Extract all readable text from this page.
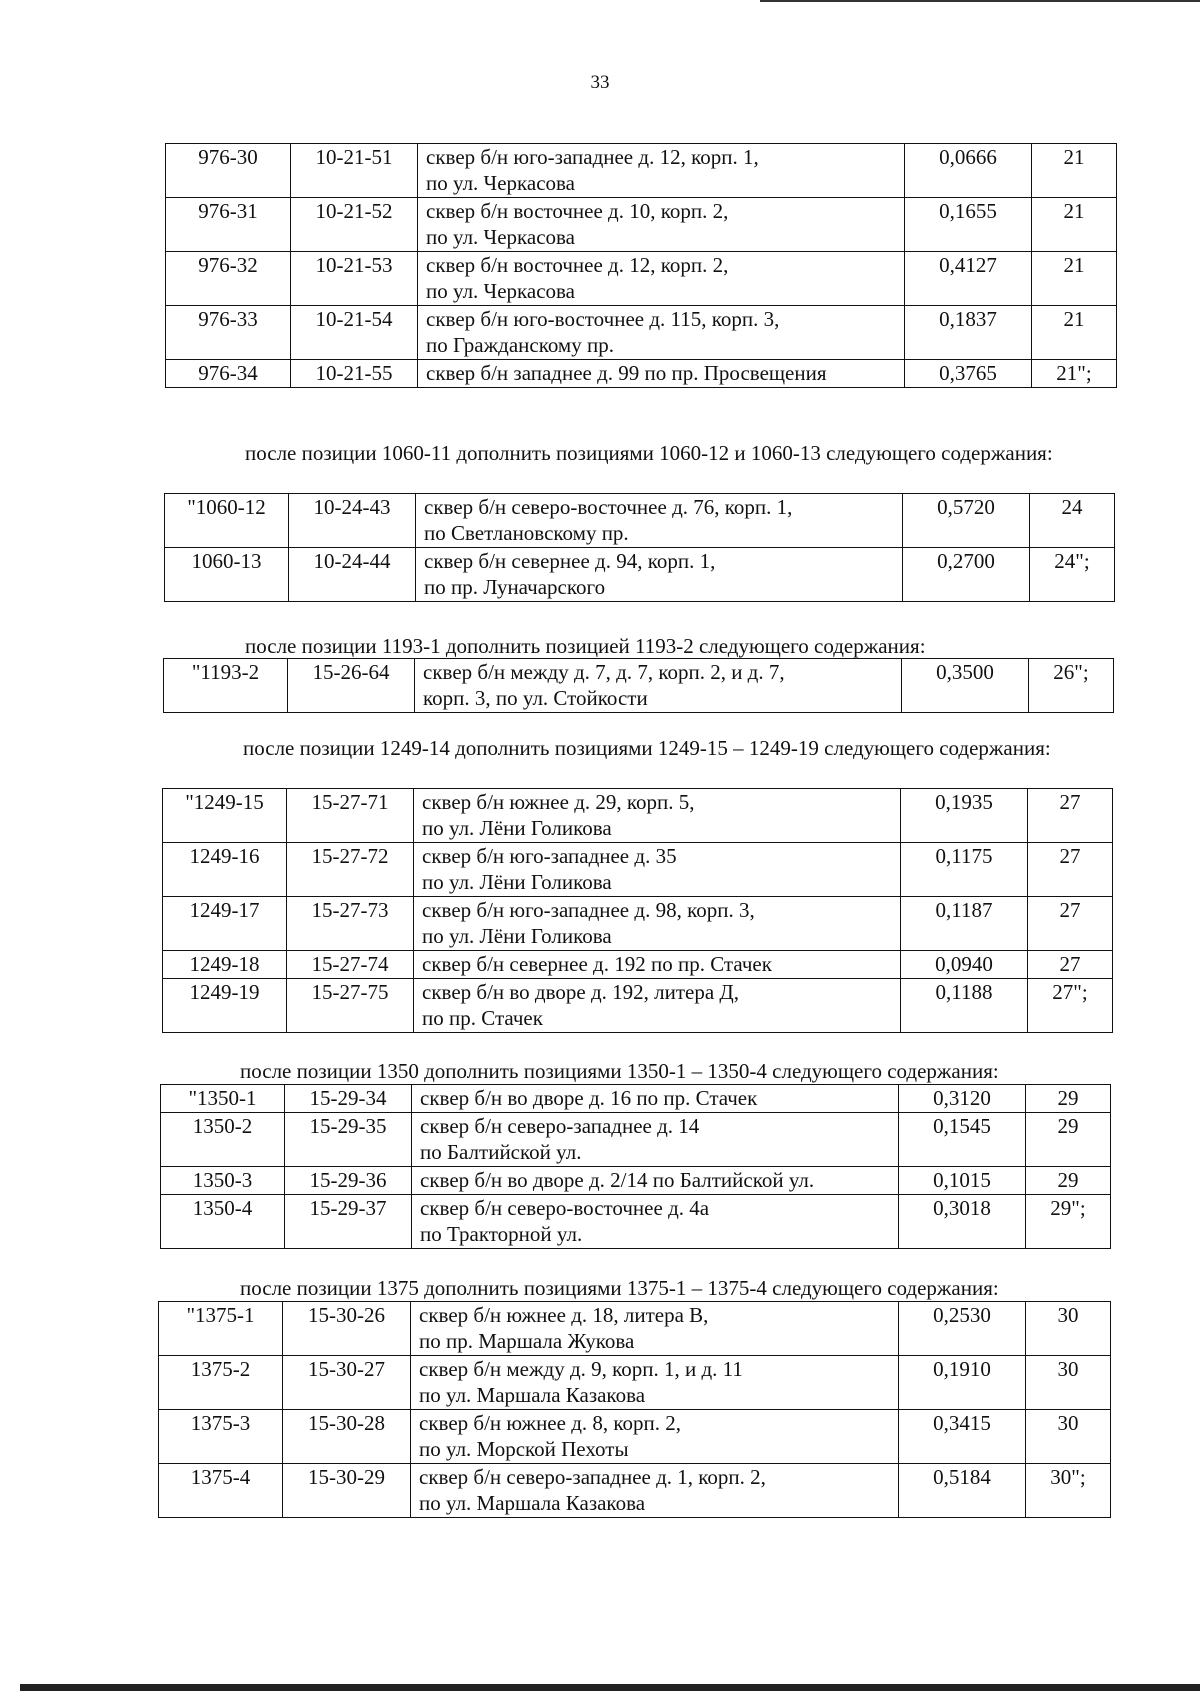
33
976-30	10-21-51	сквер б/н юго-западнее д. 12, корп. 1,
по ул. Черкасова	0,0666	21
976-31	10-21-52	сквер б/н восточнее д. 10, корп. 2,
по ул. Черкасова	0,1655	21
976-32	10-21-53	сквер б/н восточнее д. 12, корп. 2,
по ул. Черкасова	0,4127	21
976-33	10-21-54	сквер б/н юго-восточнее д. 115, корп. 3,
по Гражданскому пр.	0,1837	21
976-34	10-21-55	сквер б/н западнее д. 99 по пр. Просвещения	0,3765	21";
после позиции 1060-11 дополнить позициями 1060-12 и 1060-13 следующего содержания:
"1060-12	10-24-43	сквер б/н северо-восточнее д. 76, корп. 1,
по Светлановскому пр.	0,5720	24
1060-13	10-24-44	сквер б/н севернее д. 94, корп. 1,
по пр. Луначарского	0,2700	24";
после позиции 1193-1 дополнить позицией 1193-2 следующего содержания:
"1193-2	15-26-64	сквер б/н между д. 7, д. 7, корп. 2, и д. 7,
корп. 3, по ул. Стойкости	0,3500	26";
после позиции 1249-14 дополнить позициями 1249-15 – 1249-19 следующего содержания:
"1249-15	15-27-71	сквер б/н южнее д. 29, корп. 5,
по ул. Лёни Голикова	0,1935	27
1249-16	15-27-72	сквер б/н юго-западнее д. 35
по ул. Лёни Голикова	0,1175	27
1249-17	15-27-73	сквер б/н юго-западнее д. 98, корп. 3,
по ул. Лёни Голикова	0,1187	27
1249-18	15-27-74	сквер б/н севернее д. 192 по пр. Стачек	0,0940	27
1249-19	15-27-75	сквер б/н во дворе д. 192, литера Д,
по пр. Стачек	0,1188	27";
после позиции 1350 дополнить позициями 1350-1 – 1350-4 следующего содержания:
"1350-1	15-29-34	сквер б/н во дворе д. 16 по пр. Стачек	0,3120	29
1350-2	15-29-35	сквер б/н северо-западнее д. 14
по Балтийской ул.	0,1545	29
1350-3	15-29-36	сквер б/н во дворе д. 2/14 по Балтийской ул.	0,1015	29
1350-4	15-29-37	сквер б/н северо-восточнее д. 4а
по Тракторной ул.	0,3018	29";
после позиции 1375 дополнить позициями 1375-1 – 1375-4 следующего содержания:
"1375-1	15-30-26	сквер б/н южнее д. 18, литера В,
по пр. Маршала Жукова	0,2530	30
1375-2	15-30-27	сквер б/н между д. 9, корп. 1, и д. 11
по ул. Маршала Казакова	0,1910	30
1375-3	15-30-28	сквер б/н южнее д. 8, корп. 2,
по ул. Морской Пехоты	0,3415	30
1375-4	15-30-29	сквер б/н северо-западнее д. 1, корп. 2,
по ул. Маршала Казакова	0,5184	30";
